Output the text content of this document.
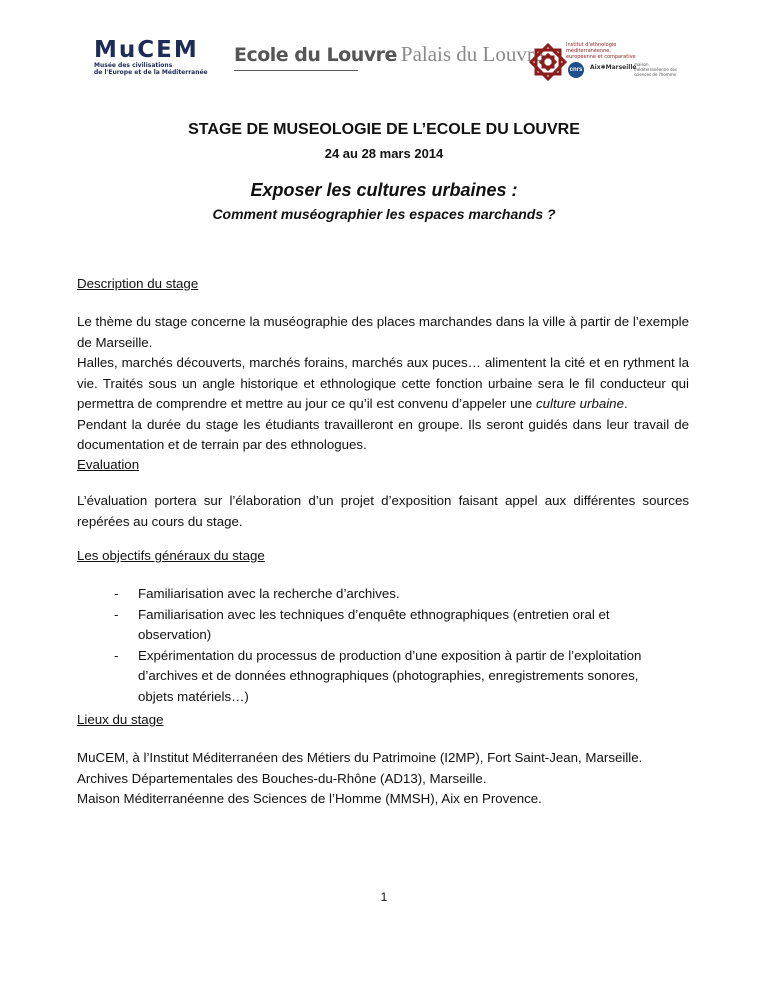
MuCEM
Musée des civilisations
de l'Europe et de la Méditerranée
Ecole du Louvre Palais du Louvre	Institut d'ethnologie méditerranéenne, européenne et comparative
cnrs Aix✱Marseille
maison méditerranéenne des sciences de l'homme
STAGE DE MUSEOLOGIE DE L’ECOLE DU LOUVRE
24 au 28 mars 2014
Exposer les cultures urbaines :
Comment muséographier les espaces marchands ?
Description du stage

Le thème du stage concerne la muséographie des places marchandes dans la ville à partir de l’exemple de Marseille.

Halles, marchés découverts, marchés forains, marchés aux puces… alimentent la cité et en rythment la vie. Traités sous un angle historique et ethnologique cette fonction urbaine sera le fil conducteur qui permettra de comprendre et mettre au jour ce qu’il est convenu d’appeler une culture urbaine.

Pendant la durée du stage les étudiants travailleront en groupe. Ils seront guidés dans leur travail de documentation et de terrain par des ethnologues.

Evaluation
L’évaluation portera sur l’élaboration d’un projet d’exposition faisant appel aux différentes sources repérées au cours du stage.
Les objectifs généraux du stage
- Familiarisation avec la recherche d’archives.
- Familiarisation avec les techniques d’enquête ethnographiques (entretien oral et observation)
- Expérimentation du processus de production d’une exposition à partir de l’exploitation d’archives et de données ethnographiques (photographies, enregistrements sonores, objets matériels…)
Lieux du stage

MuCEM, à l’Institut Méditerranéen des Métiers du Patrimoine (I2MP), Fort Saint-Jean, Marseille.

Archives Départementales des Bouches-du-Rhône (AD13), Marseille.

Maison Méditerranéenne des Sciences de l’Homme (MMSH), Aix en Provence.

1
